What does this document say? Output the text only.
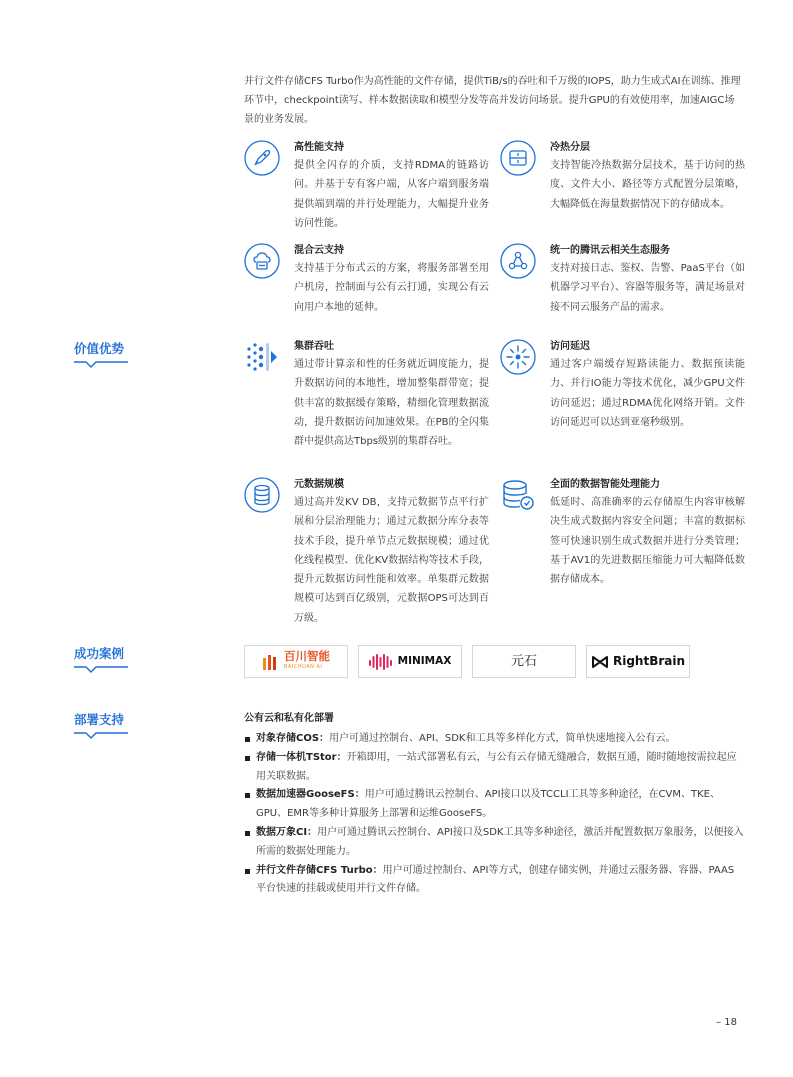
并行文件存储CFS Turbo作为高性能的文件存储，提供TiB/s的吞吐和千万级的IOPS，助力生成式AI在训练、推理环节中，checkpoint读写、样本数据读取和模型分发等高并发访问场景。提升GPU的有效使用率，加速AIGC场景的业务发展。
价值优势
成功案例
部署支持
高性能支持
提供全闪存的介质，支持RDMA的链路访问。并基于专有客户端，从客户端到服务端提供端到端的并行处理能力，大幅提升业务访问性能。
冷热分层
支持智能冷热数据分层技术，基于访问的热度、文件大小、路径等方式配置分层策略，大幅降低在海量数据情况下的存储成本。
混合云支持
支持基于分布式云的方案，将服务部署至用户机房，控制面与公有云打通，实现公有云向用户本地的延伸。
统一的腾讯云相关生态服务
支持对接日志、鉴权、告警、PaaS平台（如机器学习平台）、容器等服务等，满足场景对接不同云服务产品的需求。
集群吞吐
通过带计算亲和性的任务就近调度能力，提升数据访问的本地性，增加整集群带宽；提供丰富的数据缓存策略，精细化管理数据流动，提升数据访问加速效果。在PB的全闪集群中提供高达Tbps级别的集群吞吐。
访问延迟
通过客户端缓存短路读能力、数据预读能力、并行IO能力等技术优化，减少GPU文件访问延迟；通过RDMA优化网络开销。文件访问延迟可以达到亚毫秒级别。
元数据规模
通过高并发KV DB，支持元数据节点平行扩展和分层治理能力；通过元数据分库分表等技术手段，提升单节点元数据规模；通过优化线程模型、优化KV数据结构等技术手段，提升元数据访问性能和效率。单集群元数据规模可达到百亿级别，元数据OPS可达到百万级。
全面的数据智能处理能力
低延时、高准确率的云存储原生内容审核解决生成式数据内容安全问题；丰富的数据标签可快速识别生成式数据并进行分类管理；基于AV1的先进数据压缩能力可大幅降低数据存储成本。
百川智能
BAICHUAN AI	MINIMAX	元石	RightBrain
公有云和私有化部署
对象存储COS：用户可通过控制台、API、SDK和工具等多样化方式，简单快速地接入公有云。
存储一体机TStor：开箱即用，一站式部署私有云，与公有云存储无缝融合，数据互通，随时随地按需拉起应用关联数据。
数据加速器GooseFS：用户可通过腾讯云控制台、API接口以及TCCLI工具等多种途径，在CVM、TKE、GPU、EMR等多种计算服务上部署和运维GooseFS。
数据万象CI：用户可通过腾讯云控制台、API接口及SDK工具等多种途径，激活并配置数据万象服务，以便接入所需的数据处理能力。
并行文件存储CFS Turbo：用户可通过控制台、API等方式，创建存储实例，并通过云服务器、容器、PAAS平台快速的挂载或使用并行文件存储。
– 18
